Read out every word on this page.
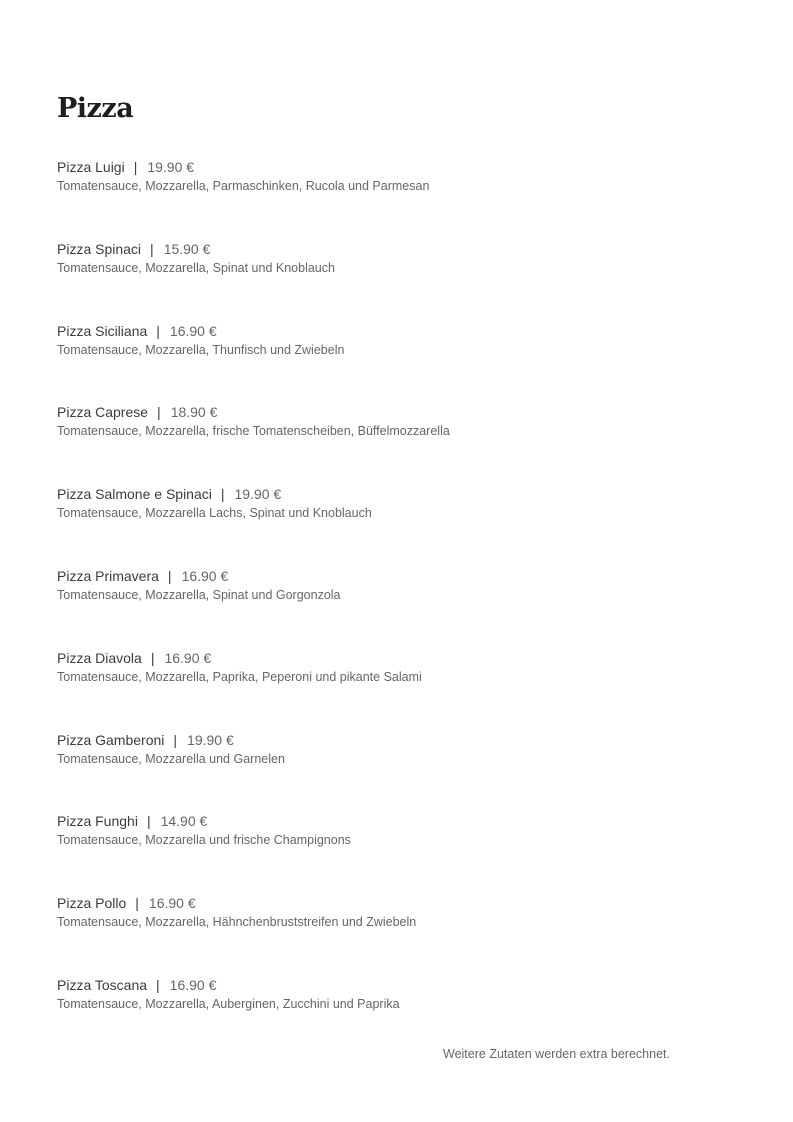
Pizza
Pizza Luigi | 19.90 €
Tomatensauce, Mozzarella, Parmaschinken, Rucola und Parmesan
Pizza Spinaci | 15.90 €
Tomatensauce, Mozzarella, Spinat und Knoblauch
Pizza Siciliana | 16.90 €
Tomatensauce, Mozzarella, Thunfisch und Zwiebeln
Pizza Caprese | 18.90 €
Tomatensauce, Mozzarella, frische Tomatenscheiben, Büffelmozzarella
Pizza Salmone e Spinaci | 19.90 €
Tomatensauce, Mozzarella Lachs, Spinat und Knoblauch
Pizza Primavera | 16.90 €
Tomatensauce, Mozzarella, Spinat und Gorgonzola
Pizza Diavola | 16.90 €
Tomatensauce, Mozzarella, Paprika, Peperoni und pikante Salami
Pizza Gamberoni | 19.90 €
Tomatensauce, Mozzarella und Garnelen
Pizza Funghi | 14.90 €
Tomatensauce, Mozzarella und frische Champignons
Pizza Pollo | 16.90 €
Tomatensauce, Mozzarella, Hähnchenbruststreifen und Zwiebeln
Pizza Toscana | 16.90 €
Tomatensauce, Mozzarella, Auberginen, Zucchini und Paprika
Weitere Zutaten werden extra berechnet.
